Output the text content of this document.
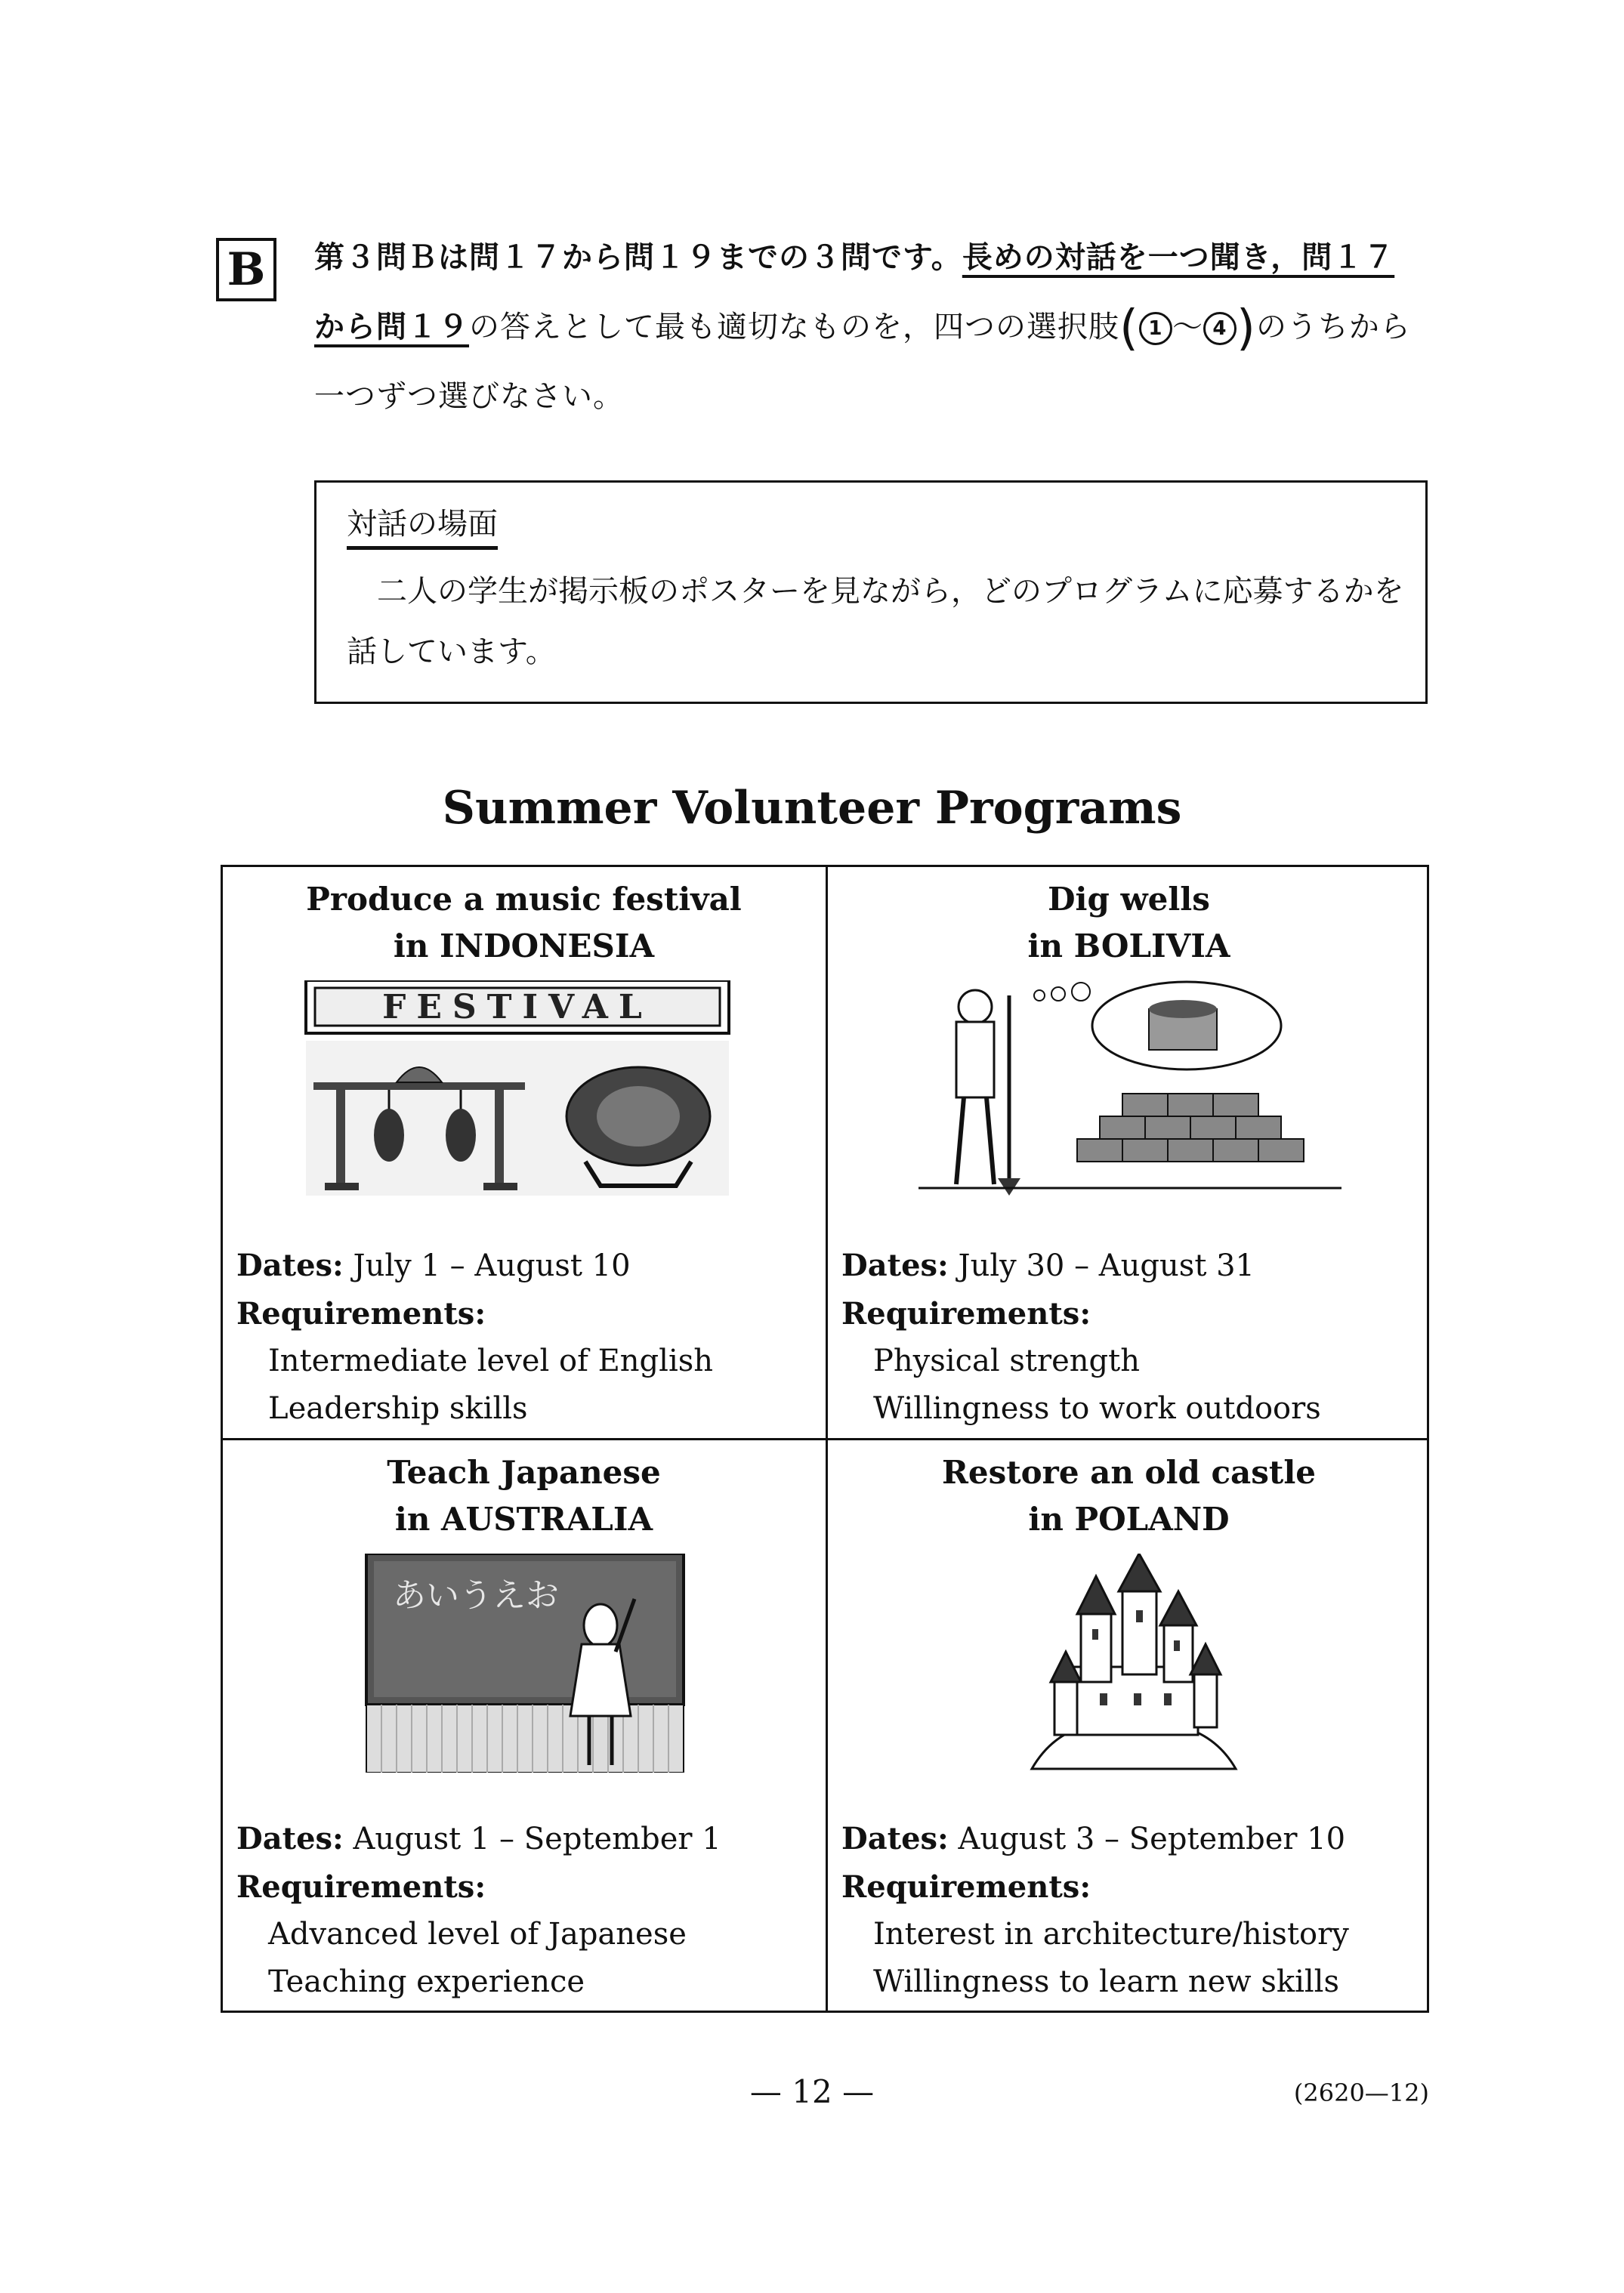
B	第３問Ｂは問１７から問１９までの３問です。長めの対話を一つ聞き，問１７
から問１９の答えとして最も適切なものを，四つの選択肢( 1 ～ 4 )のうちから
一つずつ選びなさい。
対話の場面
二人の学生が掲示板のポスターを見ながら，どのプログラムに応募するかを話しています。
Summer Volunteer Programs
Produce a music festival
in INDONESIA
FESTIVAL
Dates: July 1 – August 10
Requirements:
Intermediate level of English
Leadership skills
Dig wells
in BOLIVIA
Dates: July 30 – August 31
Requirements:
Physical strength
Willingness to work outdoors
Teach Japanese
in AUSTRALIA
あいうえお
Dates: August 1 – September 1
Requirements:
Advanced level of Japanese
Teaching experience
Restore an old castle
in POLAND
Dates: August 3 – September 10
Requirements:
Interest in architecture/history
Willingness to learn new skills
— 12 —	(2620—12)
